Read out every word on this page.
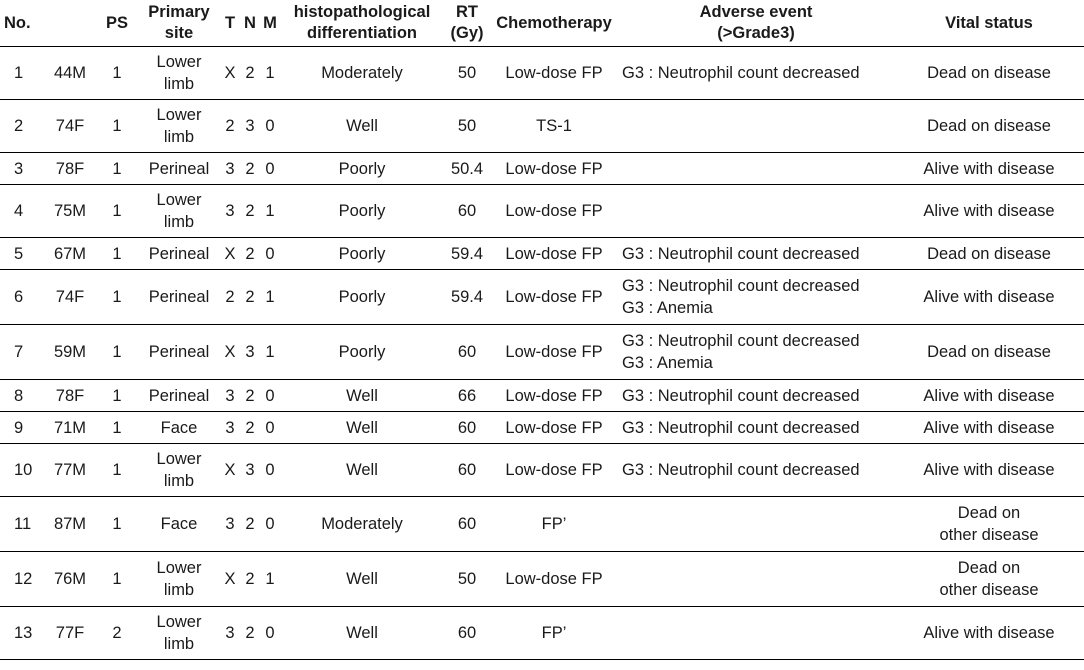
No.		PS	Primary
site	T	N	M	histopathological
differentiation	RT
(Gy)	Chemotherapy	Adverse event
(>Grade3)	Vital status
1	44M	1	Lower
limb	X	2	1	Moderately	50	Low-dose FP	G3 : Neutrophil count decreased	Dead on disease

2	74F	1	Lower
limb	2	3	0	Well	50	TS-1		Dead on disease

3	78F	1	Perineal	3	2	0	Poorly	50.4	Low-dose FP		Alive with disease

4	75M	1	Lower
limb	3	2	1	Poorly	60	Low-dose FP		Alive with disease

5	67M	1	Perineal	X	2	0	Poorly	59.4	Low-dose FP	G3 : Neutrophil count decreased	Dead on disease

6	74F	1	Perineal	2	2	1	Poorly	59.4	Low-dose FP	G3 : Neutrophil count decreased
G3 : Anemia	Alive with disease

7	59M	1	Perineal	X	3	1	Poorly	60	Low-dose FP	G3 : Neutrophil count decreased
G3 : Anemia	Dead on disease

8	78F	1	Perineal	3	2	0	Well	66	Low-dose FP	G3 : Neutrophil count decreased	Alive with disease

9	71M	1	Face	3	2	0	Well	60	Low-dose FP	G3 : Neutrophil count decreased	Alive with disease

10	77M	1	Lower
limb	X	3	0	Well	60	Low-dose FP	G3 : Neutrophil count decreased	Alive with disease

11	87M	1	Face	3	2	0	Moderately	60	FP’		Dead on
other disease

12	76M	1	Lower
limb	X	2	1	Well	50	Low-dose FP		Dead on
other disease

13	77F	2	Lower
limb	3	2	0	Well	60	FP’		Alive with disease
